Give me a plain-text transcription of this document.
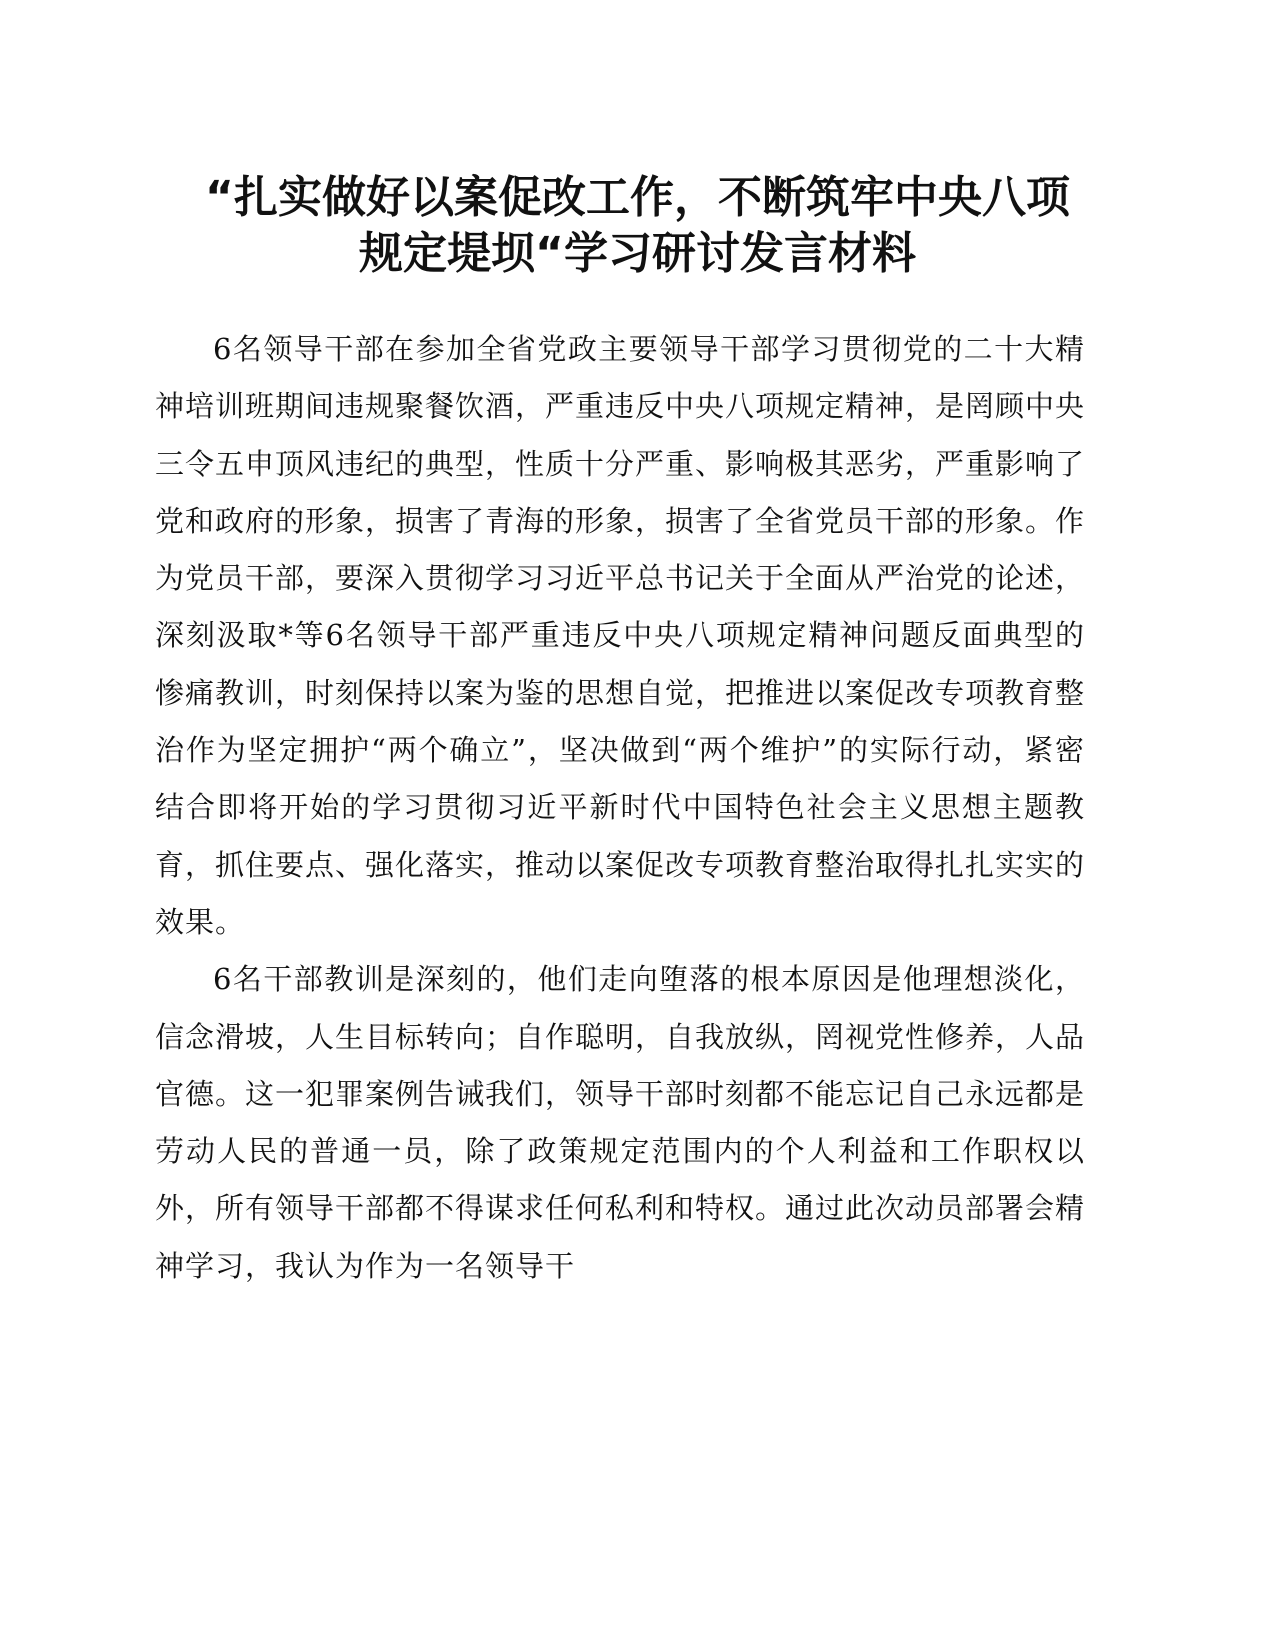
“扎实做好以案促改工作，不断筑牢中央八项
规定堤坝“学习研讨发言材料

6名领导干部在参加全省党政主要领导干部学习贯彻党的二十大精神培训班期间违规聚餐饮酒，严重违反中央八项规定精神，是罔顾中央三令五申顶风违纪的典型，性质十分严重、影响极其恶劣，严重影响了党和政府的形象，损害了青海的形象，损害了全省党员干部的形象。作为党员干部，要深入贯彻学习习近平总书记关于全面从严治党的论述，深刻汲取*等6名领导干部严重违反中央八项规定精神问题反面典型的惨痛教训，时刻保持以案为鉴的思想自觉，把推进以案促改专项教育整治作为坚定拥护“两个确立”，坚决做到“两个维护”的实际行动，紧密结合即将开始的学习贯彻习近平新时代中国特色社会主义思想主题教育，抓住要点、强化落实，推动以案促改专项教育整治取得扎扎实实的效果。

6名干部教训是深刻的，他们走向堕落的根本原因是他理想淡化，信念滑坡，人生目标转向；自作聪明，自我放纵，罔视党性修养，人品官德。这一犯罪案例告诫我们，领导干部时刻都不能忘记自己永远都是劳动人民的普通一员，除了政策规定范围内的个人利益和工作职权以外，所有领导干部都不得谋求任何私利和特权。通过此次动员部署会精神学习，我认为作为一名领导干
